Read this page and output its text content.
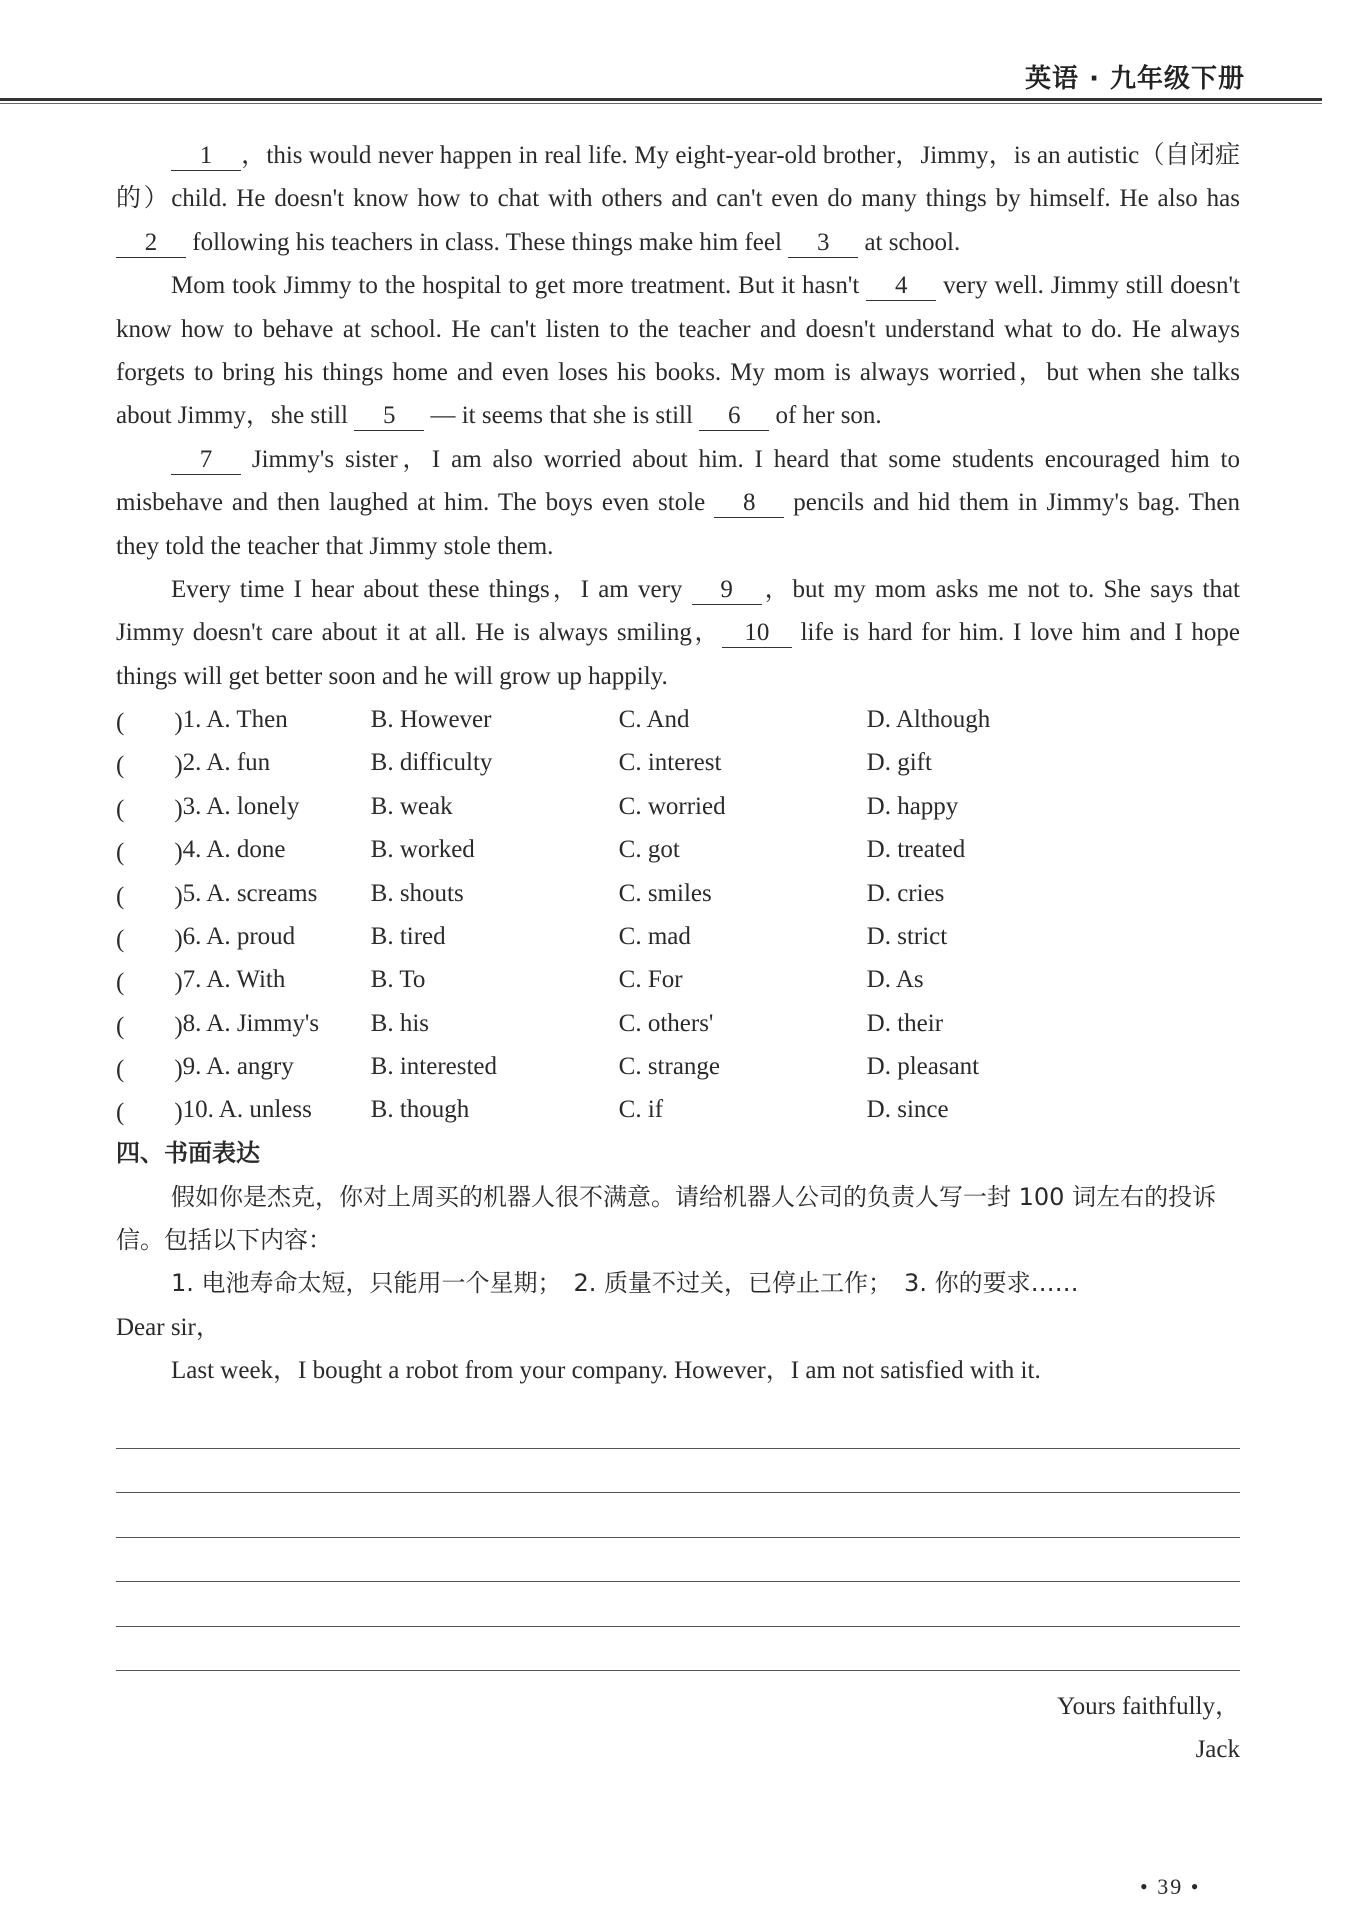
英语 · 九年级下册
1 ，this would never happen in real life. My eight-year-old brother，Jimmy，is an autistic（自闭症的）child. He doesn't know how to chat with others and can't even do many things by himself. He also has 2 following his teachers in class. These things make him feel 3 at school.
Mom took Jimmy to the hospital to get more treatment. But it hasn't 4 very well. Jimmy still doesn't know how to behave at school. He can't listen to the teacher and doesn't understand what to do. He always forgets to bring his things home and even loses his books. My mom is always worried，but when she talks about Jimmy，she still 5 — it seems that she is still 6 of her son.
7 Jimmy's sister，I am also worried about him. I heard that some students encouraged him to misbehave and then laughed at him. The boys even stole 8 pencils and hid them in Jimmy's bag. Then they told the teacher that Jimmy stole them.
Every time I hear about these things，I am very 9 ，but my mom asks me not to. She says that Jimmy doesn't care about it at all. He is always smiling， 10 life is hard for him. I love him and I hope things will get better soon and he will grow up happily.
(　　)	1. A. Then	B. However	C. And	D. Although
(　　)	2. A. fun	B. difficulty	C. interest	D. gift
(　　)	3. A. lonely	B. weak	C. worried	D. happy
(　　)	4. A. done	B. worked	C. got	D. treated
(　　)	5. A. screams	B. shouts	C. smiles	D. cries
(　　)	6. A. proud	B. tired	C. mad	D. strict
(　　)	7. A. With	B. To	C. For	D. As
(　　)	8. A. Jimmy's	B. his	C. others'	D. their
(　　)	9. A. angry	B. interested	C. strange	D. pleasant
(　　)	10. A. unless	B. though	C. if	D. since
四、书面表达
假如你是杰克，你对上周买的机器人很不满意。请给机器人公司的负责人写一封 100 词左右的投诉信。包括以下内容：
1. 电池寿命太短，只能用一个星期；　2. 质量不过关，已停止工作；　3. 你的要求……
Dear sir，
Last week，I bought a robot from your company. However，I am not satisfied with it.
Yours faithfully，
Jack
• 39 •
